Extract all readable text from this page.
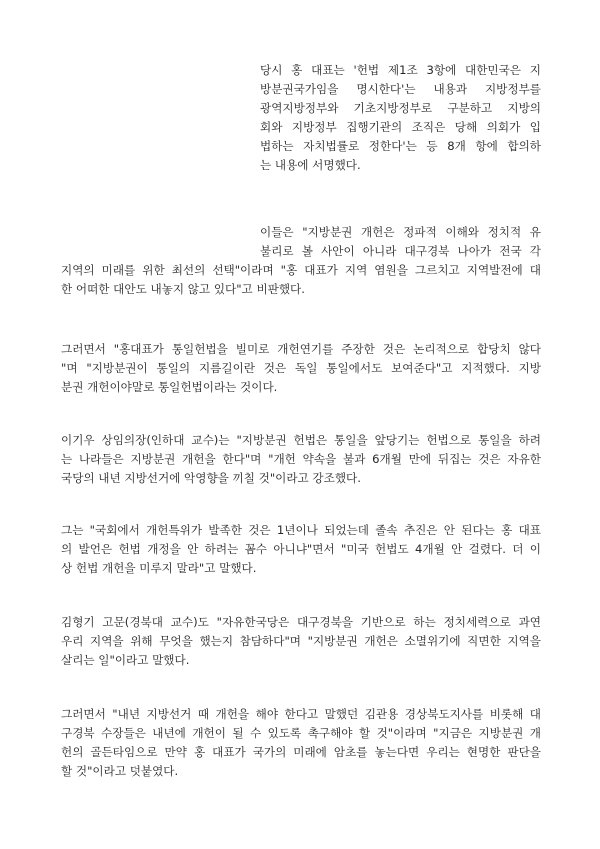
당시 홍 대표는 '헌법 제1조 3항에 대한민국은 지
방분권국가임을 명시한다'는 내용과 지방정부를
광역지방정부와 기초지방정부로 구분하고 지방의
회와 지방정부 집행기관의 조직은 당해 의회가 입
법하는 자치법률로 정한다'는 등 8개 항에 합의하
는 내용에 서명했다.
이들은 "지방분권 개헌은 정파적 이해와 정치적 유
불리로 볼 사안이 아니라 대구경북 나아가 전국 각
지역의 미래를 위한 최선의 선택"이라며 "홍 대표가 지역 염원을 그르치고 지역발전에 대
한 어떠한 대안도 내놓지 않고 있다"고 비판했다.
그러면서 "홍대표가 통일헌법을 빌미로 개헌연기를 주장한 것은 논리적으로 합당치 않다
"며 "지방분권이 통일의 지름길이란 것은 독일 통일에서도 보여준다"고 지적했다. 지방
분권 개헌이야말로 통일헌법이라는 것이다.
이기우 상임의장(인하대 교수)는 "지방분권 헌법은 통일을 앞당기는 헌법으로 통일을 하려
는 나라들은 지방분권 개헌을 한다"며 "개헌 약속을 불과 6개월 만에 뒤집는 것은 자유한
국당의 내년 지방선거에 악영향을 끼칠 것"이라고 강조했다.
그는 "국회에서 개헌특위가 발족한 것은 1년이나 되었는데 졸속 추진은 안 된다는 홍 대표
의 발언은 헌법 개정을 안 하려는 꼼수 아니냐"면서 "미국 헌법도 4개월 안 걸렸다. 더 이
상 헌법 개헌을 미루지 말라"고 말했다.
김형기 고문(경북대 교수)도 "자유한국당은 대구경북을 기반으로 하는 정치세력으로 과연
우리 지역을 위해 무엇을 했는지 참담하다"며 "지방분권 개헌은 소멸위기에 직면한 지역을
살리는 일"이라고 말했다.
그러면서 "내년 지방선거 때 개헌을 해야 한다고 말했던 김관용 경상북도지사를 비롯해 대
구경북 수장들은 내년에 개헌이 될 수 있도록 촉구해야 할 것"이라며 "지금은 지방분권 개
헌의 골든타임으로 만약 홍 대표가 국가의 미래에 암초를 놓는다면 우리는 현명한 판단을
할 것"이라고 덧붙였다.
